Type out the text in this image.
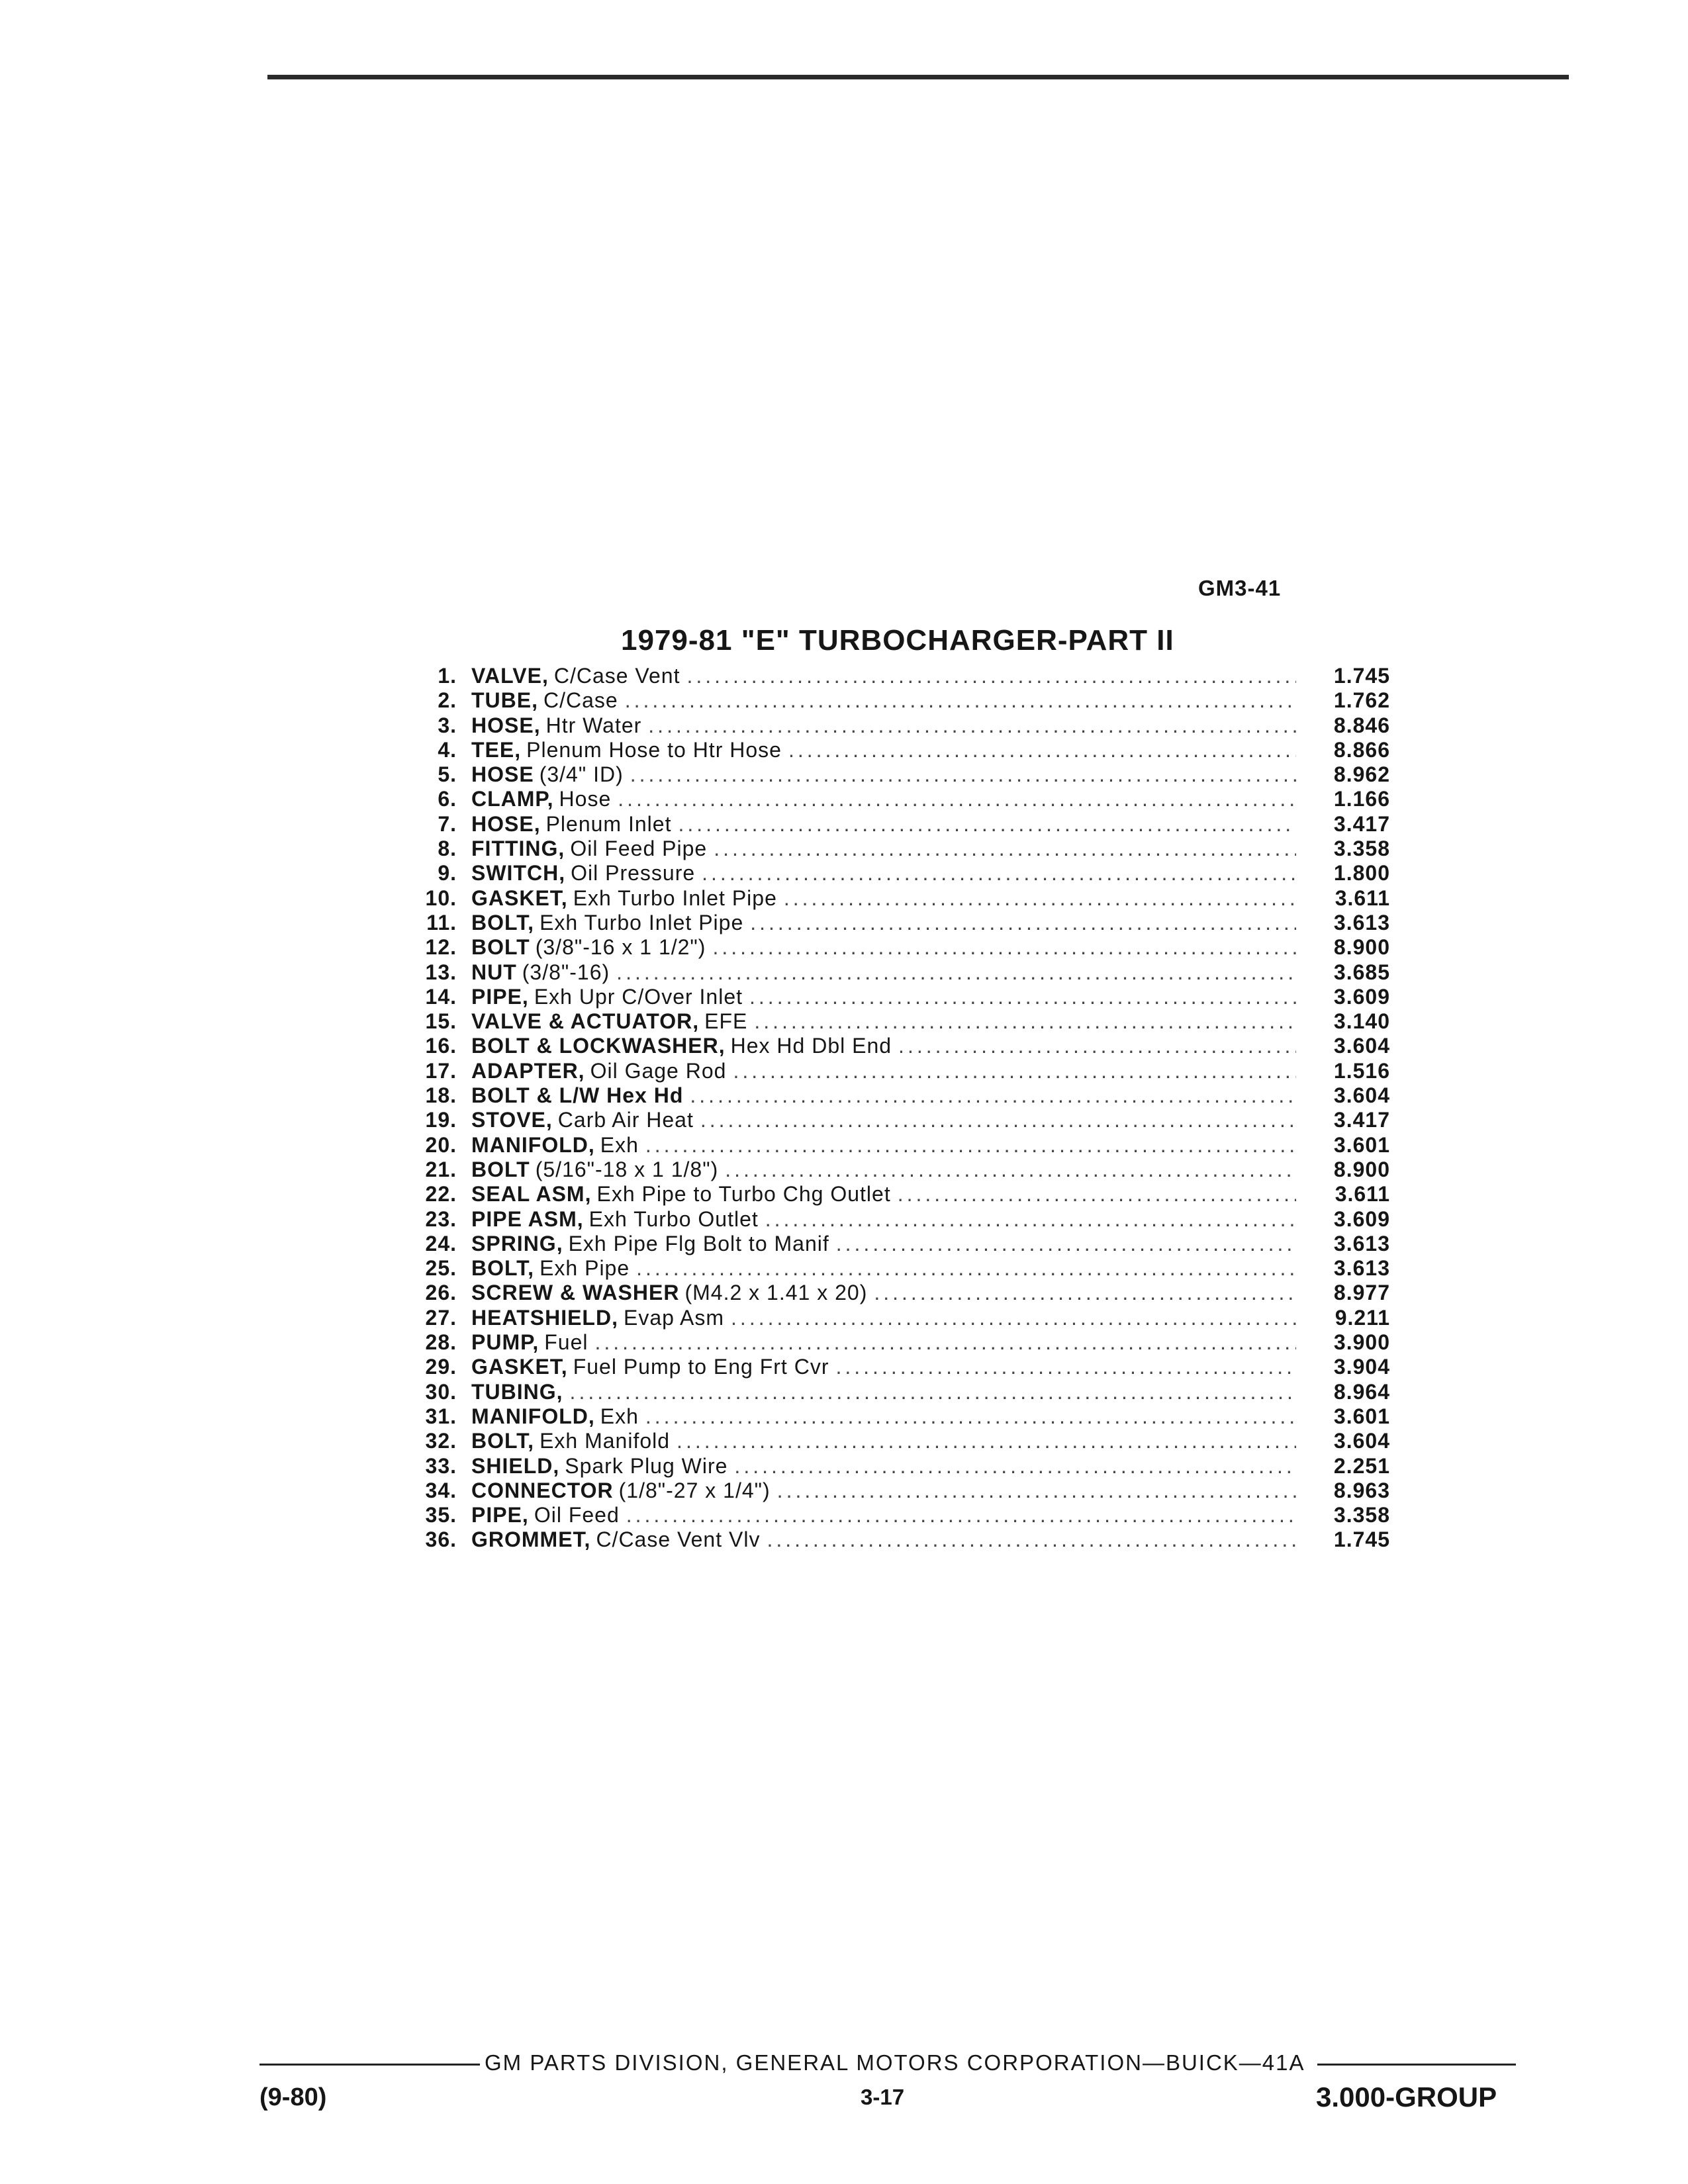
GM3-41
1979-81 "E" TURBOCHARGER-PART II
1. VALVE, C/Case Vent .....	1.745
2. TUBE, C/Case .....	1.762
3. HOSE, Htr Water .....	8.846
4. TEE, Plenum Hose to Htr Hose .....	8.866
5. HOSE (3/4" ID) .....	8.962
6. CLAMP, Hose .....	1.166
7. HOSE, Plenum Inlet .....	3.417
8. FITTING, Oil Feed Pipe .....	3.358
9. SWITCH, Oil Pressure .....	1.800
10. GASKET, Exh Turbo Inlet Pipe .....	3.611
11. BOLT, Exh Turbo Inlet Pipe .....	3.613
12. BOLT (3/8"-16 x 1 1/2") .....	8.900
13. NUT (3/8"-16) .....	3.685
14. PIPE, Exh Upr C/Over Inlet .....	3.609
15. VALVE & ACTUATOR, EFE .....	3.140
16. BOLT & LOCKWASHER, Hex Hd Dbl End .....	3.604
17. ADAPTER, Oil Gage Rod .....	1.516
18. BOLT & L/W Hex Hd .....	3.604
19. STOVE, Carb Air Heat .....	3.417
20. MANIFOLD, Exh .....	3.601
21. BOLT (5/16"-18 x 1 1/8") .....	8.900
22. SEAL ASM, Exh Pipe to Turbo Chg Outlet .....	3.611
23. PIPE ASM, Exh Turbo Outlet .....	3.609
24. SPRING, Exh Pipe Flg Bolt to Manif .....	3.613
25. BOLT, Exh Pipe .....	3.613
26. SCREW & WASHER (M4.2 x 1.41 x 20) .....	8.977
27. HEATSHIELD, Evap Asm .....	9.211
28. PUMP, Fuel .....	3.900
29. GASKET, Fuel Pump to Eng Frt Cvr .....	3.904
30. TUBING, .....	8.964
31. MANIFOLD, Exh .....	3.601
32. BOLT, Exh Manifold .....	3.604
33. SHIELD, Spark Plug Wire .....	2.251
34. CONNECTOR (1/8"-27 x 1/4") .....	8.963
35. PIPE, Oil Feed .....	3.358
36. GROMMET, C/Case Vent Vlv .....	1.745
GM PARTS DIVISION, GENERAL MOTORS CORPORATION—BUICK—41A
(9-80)	3-17	3.000-GROUP
